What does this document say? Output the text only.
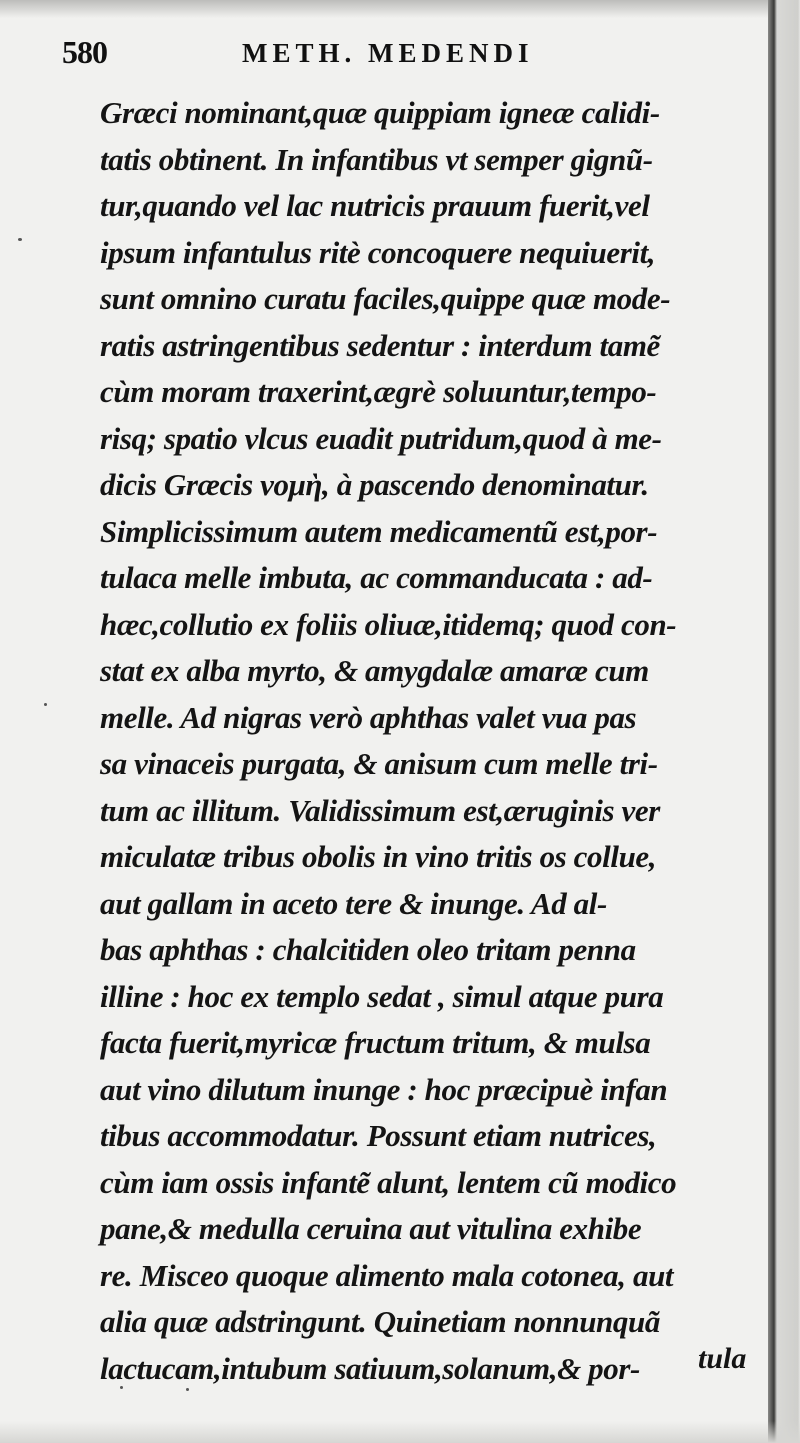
580	METH. MEDENDI
Græci nominant,quæ quippiam igneæ calidi-
tatis obtinent. In infantibus vt semper gignũ-
tur,quando vel lac nutricis prauum fuerit,vel
ipsum infantulus ritè concoquere nequiuerit,
sunt omnino curatu faciles,quippe quæ mode-
ratis astringentibus sedentur : interdum tamẽ
cùm moram traxerint,ægrè soluuntur,tempo-
risq; spatio vlcus euadit putridum,quod à me-
dicis Græcis νομὴ, à pascendo denominatur.
Simplicissimum autem medicamentũ est,por-
tulaca melle imbuta, ac commanducata : ad-
hæc,collutio ex foliis oliuæ,itidemq; quod con-
stat ex alba myrto, & amygdalæ amaræ cum
melle. Ad nigras verò aphthas valet vua pas
sa vinaceis purgata, & anisum cum melle tri-
tum ac illitum. Validissimum est,æruginis ver
miculatæ tribus obolis in vino tritis os collue,
aut gallam in aceto tere & inunge. Ad al-
bas aphthas : chalcitiden oleo tritam penna
illine : hoc ex templo sedat , simul atque pura
facta fuerit,myricæ fructum tritum, & mulsa
aut vino dilutum inunge : hoc præcipuè infan
tibus accommodatur. Possunt etiam nutrices,
cùm iam ossis infantẽ alunt, lentem cũ modico
pane,& medulla ceruina aut vitulina exhibe
re. Misceo quoque alimento mala cotonea, aut
alia quæ adstringunt. Quinetiam nonnunquã
lactucam,intubum satiuum,solanum,& por-	tula
